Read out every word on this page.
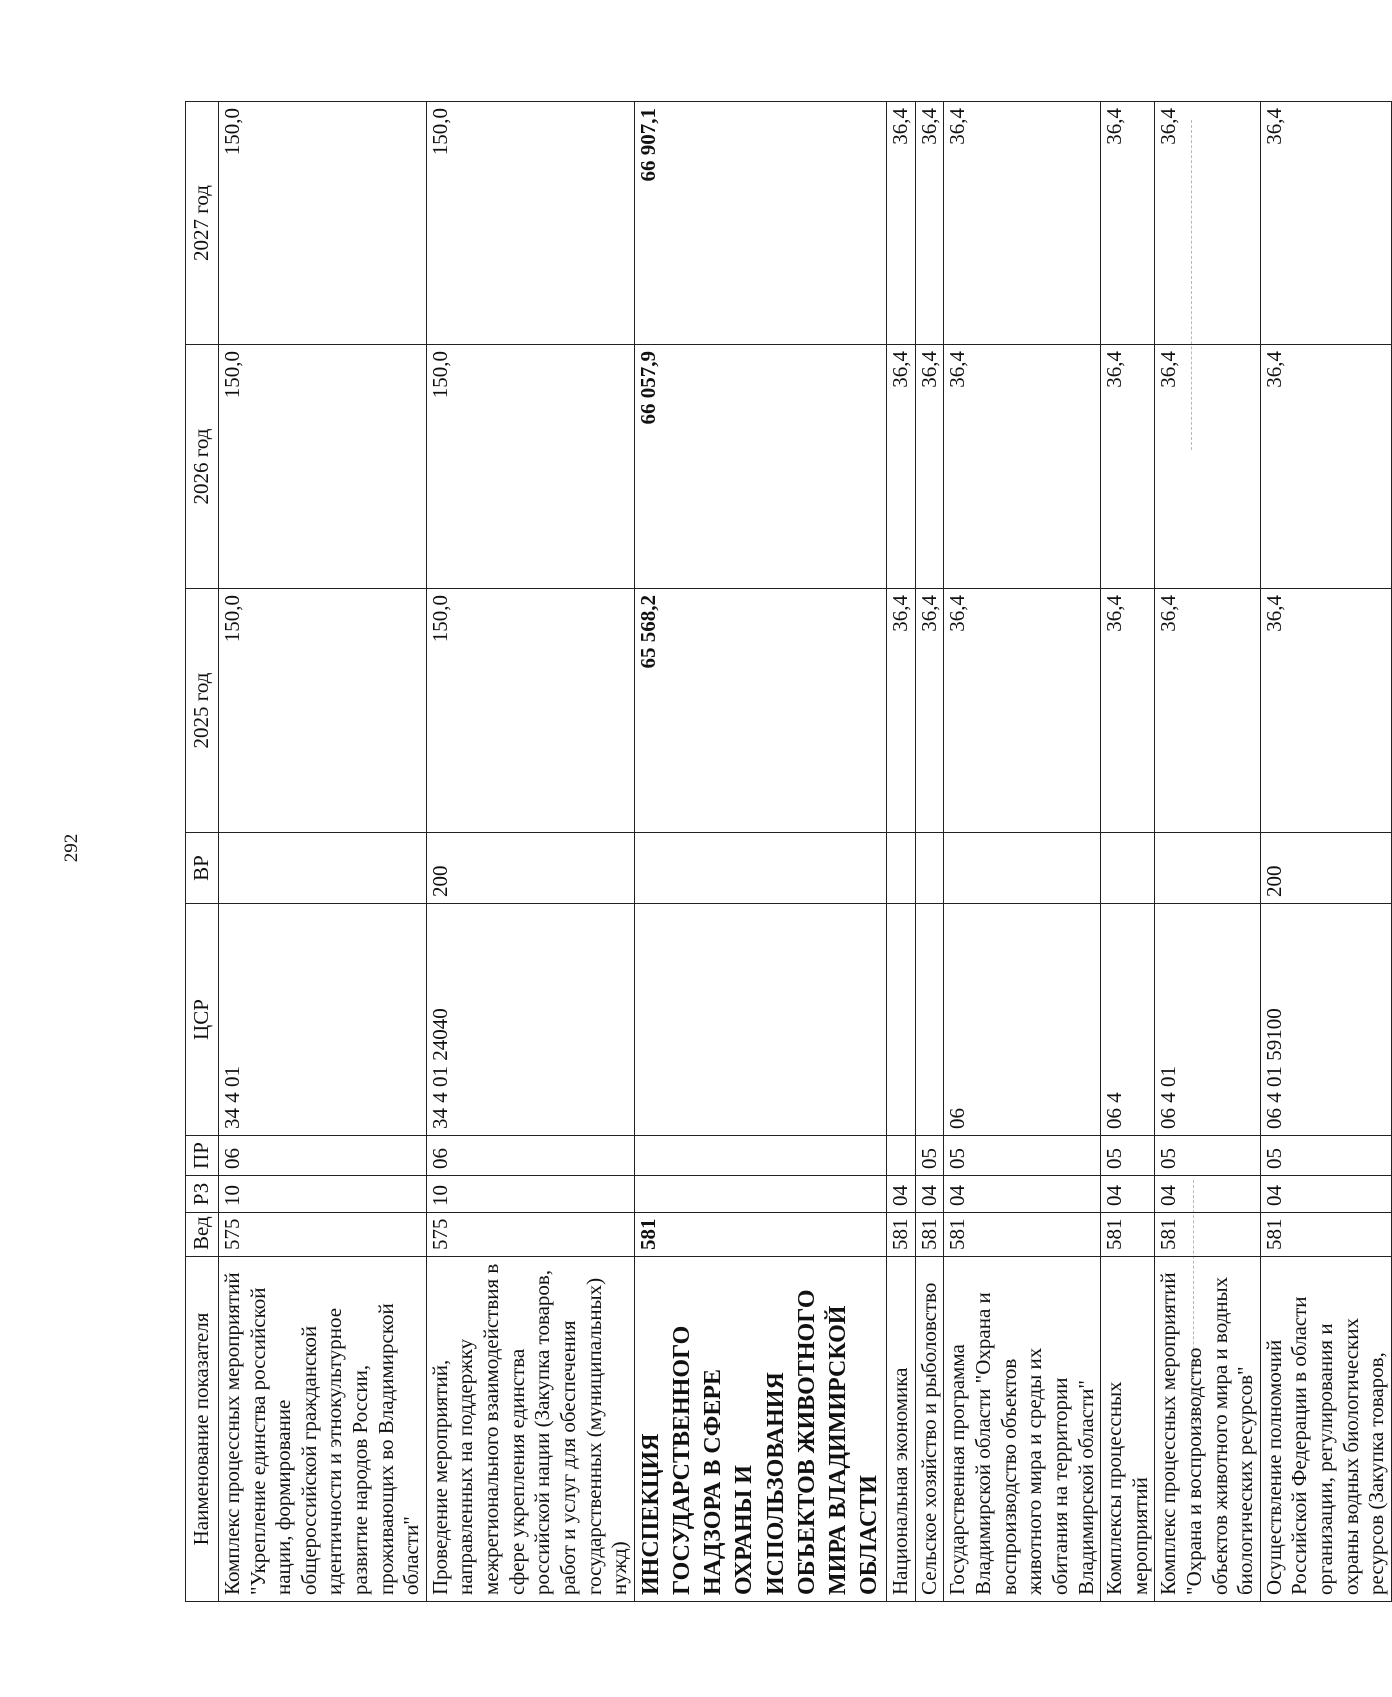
292
Наименование показателя	Вед	РЗ	ПР	ЦСР	ВР	2025 год	2026 год	2027 год
Комплекс процессных мероприятий "Укрепление единства российской нации, формирование общероссийской гражданской идентичности и этнокультурное развитие народов России, проживающих во Владимирской области"	575	10	06	34 4 01		150,0	150,0	150,0
Проведение мероприятий, направленных на поддержку межрегионального взаимодействия в сфере укрепления единства российской нации (Закупка товаров, работ и услуг для обеспечения государственных (муниципальных) нужд)	575	10	06	34 4 01 24040	200	150,0	150,0	150,0
ИНСПЕКЦИЯ ГОСУДАРСТВЕННОГО НАДЗОРА В СФЕРЕ ОХРАНЫ И ИСПОЛЬЗОВАНИЯ ОБЪЕКТОВ ЖИВОТНОГО МИРА ВЛАДИМИРСКОЙ ОБЛАСТИ	581					65 568,2	66 057,9	66 907,1
Национальная экономика	581	04				36,4	36,4	36,4
Сельское хозяйство и рыболовство	581	04	05			36,4	36,4	36,4
Государственная программа Владимирской области "Охрана и воспроизводство объектов животного мира и среды их обитания на территории Владимирской области"	581	04	05	06		36,4	36,4	36,4
Комплексы процессных мероприятий	581	04	05	06 4		36,4	36,4	36,4
Комплекс процессных мероприятий "Охрана и воспроизводство объектов животного мира и водных биологических ресурсов"	581	04	05	06 4 01		36,4	36,4	36,4
Осуществление полномочий Российской Федерации в области организации, регулирования и охраны водных биологических ресурсов (Закупка товаров,	581	04	05	06 4 01 59100	200	36,4	36,4	36,4
